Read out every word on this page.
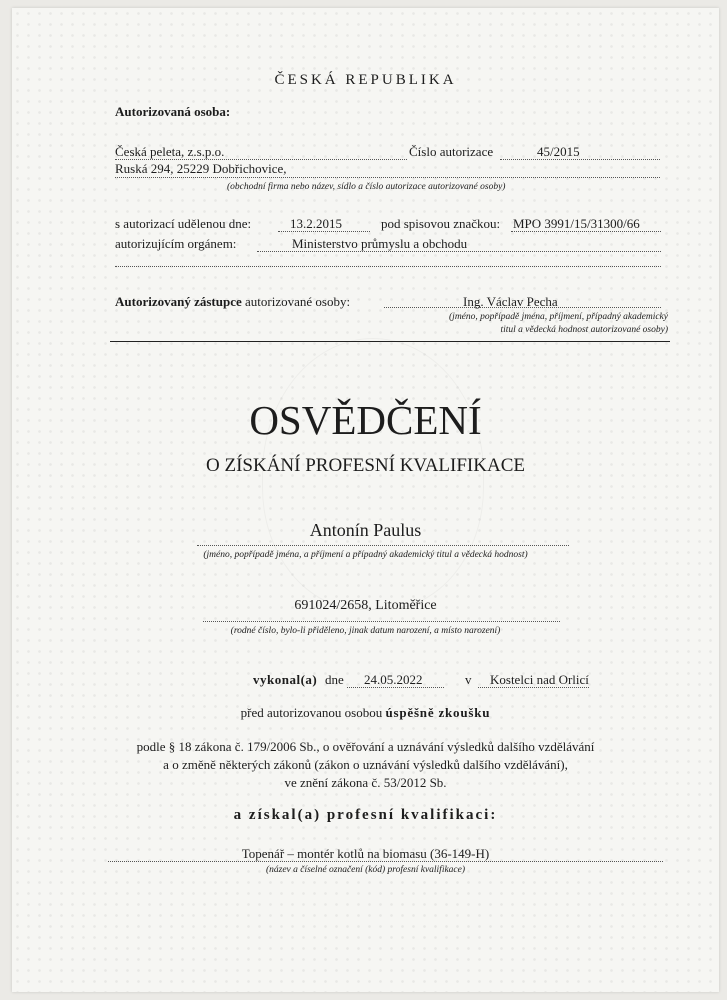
ČESKÁ REPUBLIKA
Autorizovaná osoba:
Česká peleta, z.s.p.o.	Číslo autorizace	45/2015
Ruská 294, 25229 Dobřichovice,
(obchodní firma nebo název, sídlo a číslo autorizace autorizované osoby)
s autorizací udělenou dne:	13.2.2015	pod spisovou značkou: MPO 3991/15/31300/66
autorizujícím orgánem:	Ministerstvo průmyslu a obchodu
Autorizovaný zástupce autorizované osoby:	Ing. Václav Pecha
(jméno, popřípadě jména, příjmení, případný akademický
titul a vědecká hodnost autorizované osoby)
OSVĚDČENÍ
O ZÍSKÁNÍ PROFESNÍ KVALIFIKACE
Antonín Paulus
(jméno, popřípadě jména, a příjmení a případný akademický titul a vědecká hodnost)
691024/2658, Litoměřice
(rodné číslo, bylo-li přiděleno, jinak datum narození, a místo narození)
vykonal(a) dne 24.05.2022	v Kostelci nad Orlicí
před autorizovanou osobou úspěšně zkoušku
podle § 18 zákona č. 179/2006 Sb., o ověřování a uznávání výsledků dalšího vzdělávání
a o změně některých zákonů (zákon o uznávání výsledků dalšího vzdělávání),
ve znění zákona č. 53/2012 Sb.
a získal(a) profesní kvalifikaci:
Topenář – montér kotlů na biomasu (36-149-H)
(název a číselné označení (kód) profesní kvalifikace)
